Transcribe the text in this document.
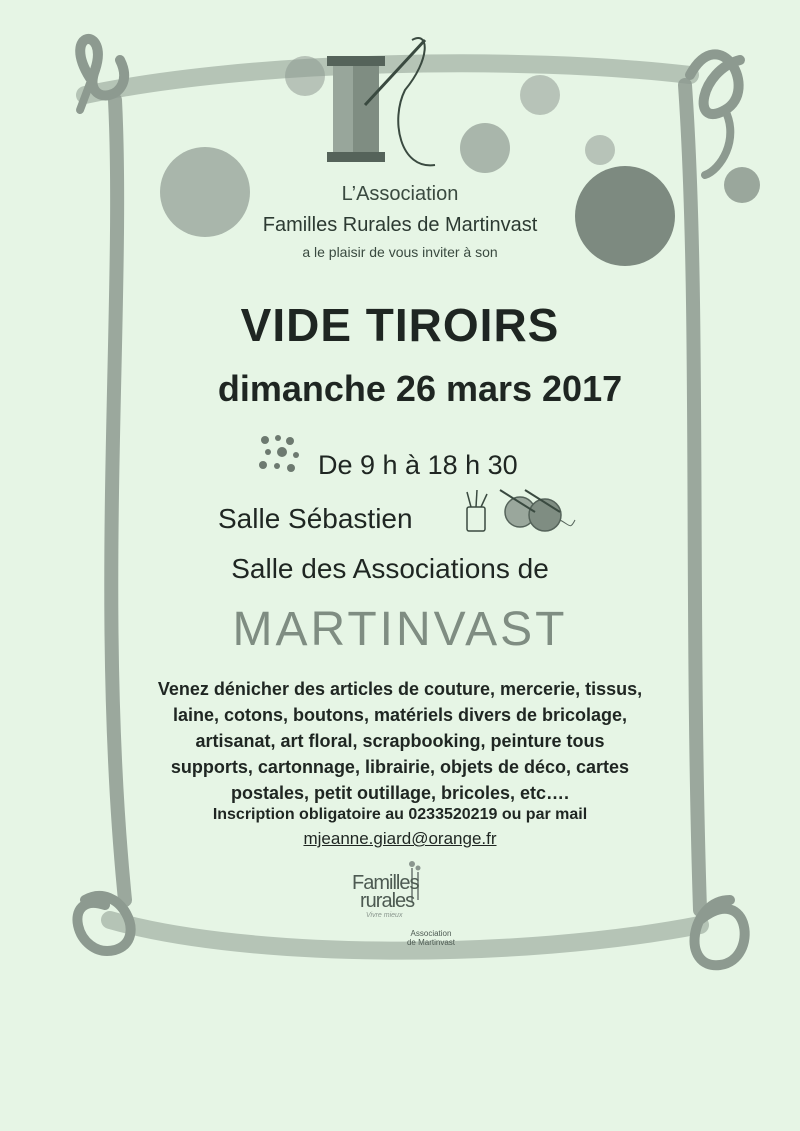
L’Association
Familles Rurales de Martinvast
a le plaisir de vous inviter à son
VIDE TIROIRS
dimanche 26 mars 2017
De 9 h à 18 h 30
Salle Sébastien
Salle des Associations de
MARTINVAST
Venez dénicher des articles de couture, mercerie, tissus,
laine, cotons, boutons, matériels divers de bricolage,
artisanat, art floral, scrapbooking, peinture tous
supports, cartonnage, librairie, objets de déco, cartes
postales, petit outillage, bricoles, etc….
Inscription obligatoire au 0233520219 ou par mail
mjeanne.giard@orange.fr
Familles
rurales
Vivre mieux
Association
de Martinvast
